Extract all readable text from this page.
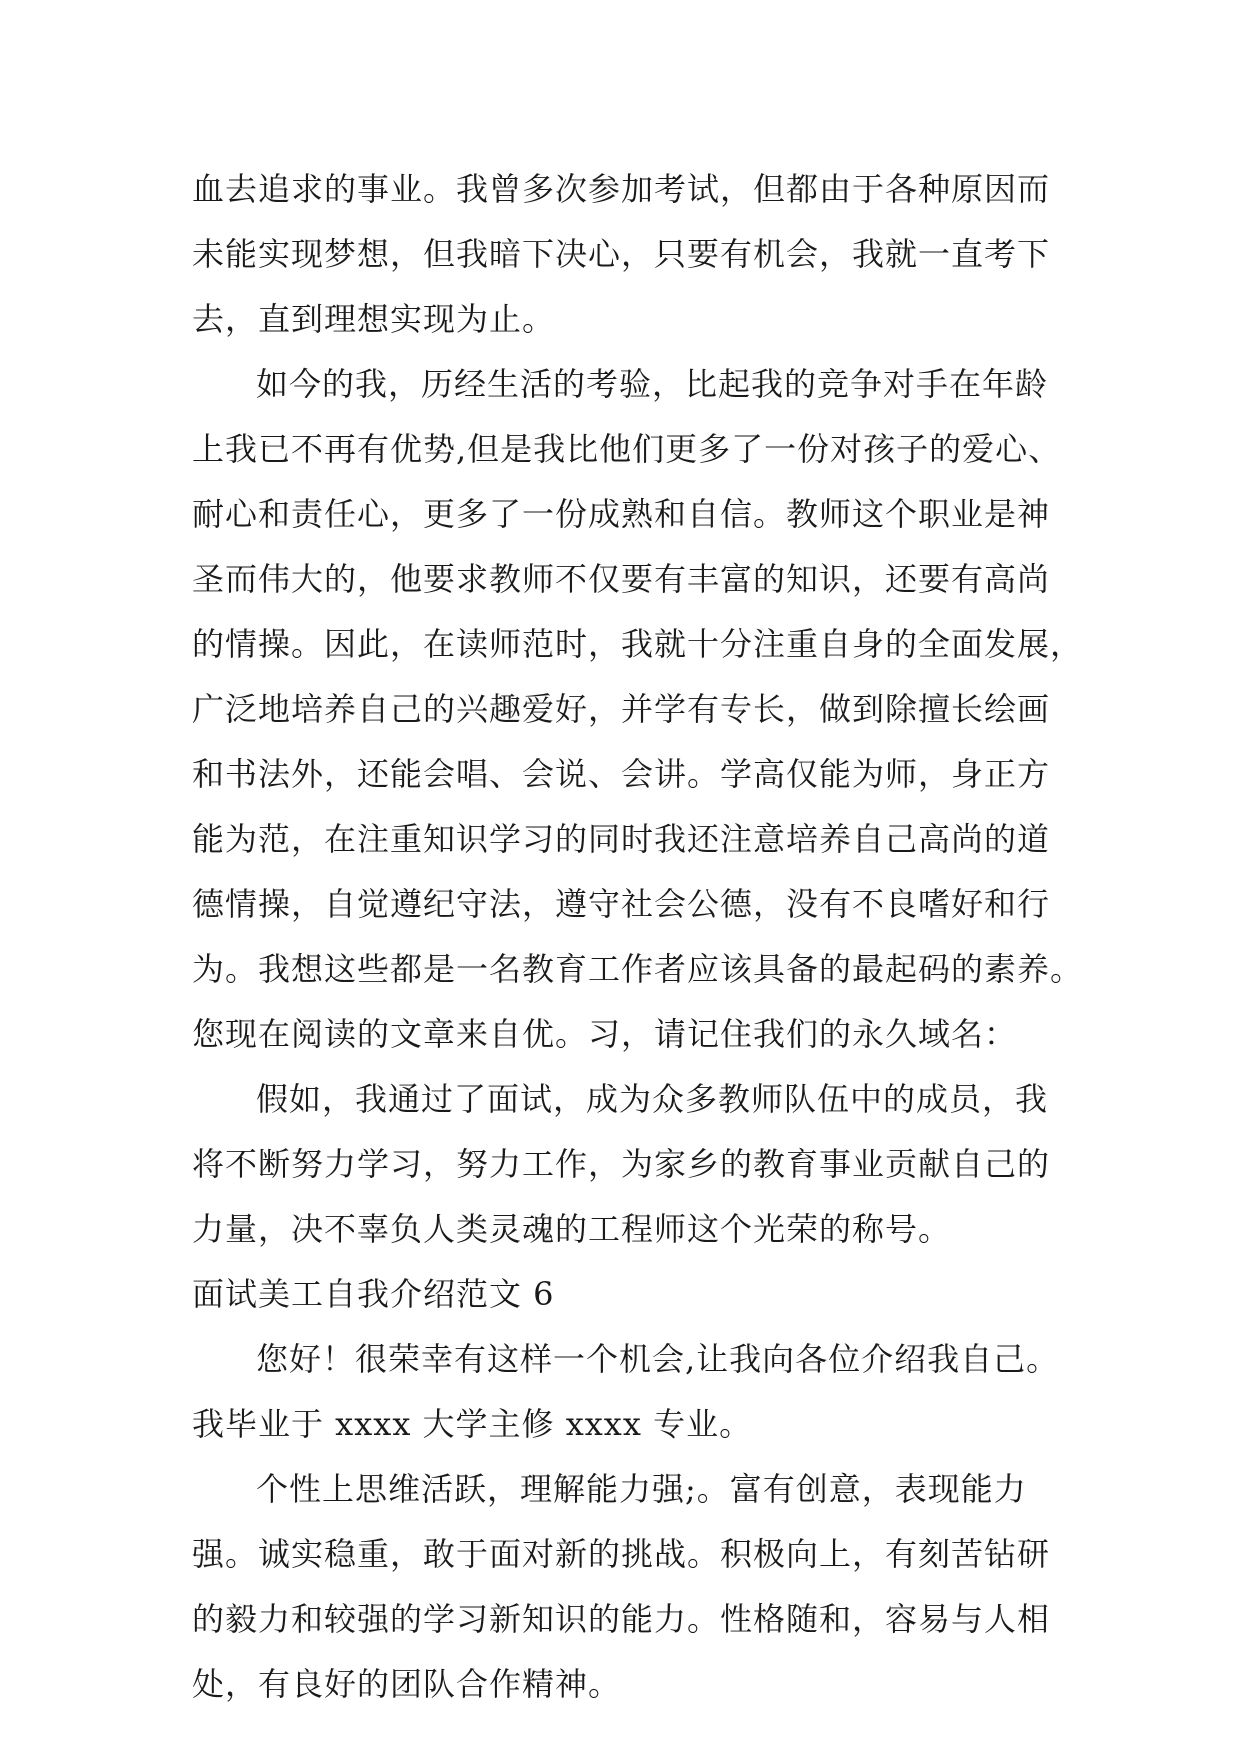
血去追求的事业。我曾多次参加考试，但都由于各种原因而
未能实现梦想，但我暗下决心，只要有机会，我就一直考下
去，直到理想实现为止。
如今的我，历经生活的考验，比起我的竞争对手在年龄
上我已不再有优势,但是我比他们更多了一份对孩子的爱心、
耐心和责任心，更多了一份成熟和自信。教师这个职业是神
圣而伟大的，他要求教师不仅要有丰富的知识，还要有高尚
的情操。因此，在读师范时，我就十分注重自身的全面发展，
广泛地培养自己的兴趣爱好，并学有专长，做到除擅长绘画
和书法外，还能会唱、会说、会讲。学高仅能为师，身正方
能为范，在注重知识学习的同时我还注意培养自己高尚的道
德情操，自觉遵纪守法，遵守社会公德，没有不良嗜好和行
为。我想这些都是一名教育工作者应该具备的最起码的素养。
您现在阅读的文章来自优。习，请记住我们的永久域名：
假如，我通过了面试，成为众多教师队伍中的成员，我
将不断努力学习，努力工作，为家乡的教育事业贡献自己的
力量，决不辜负人类灵魂的工程师这个光荣的称号。
面试美工自我介绍范文 6
您好！很荣幸有这样一个机会,让我向各位介绍我自己。
我毕业于 xxxx 大学主修 xxxx 专业。
个性上思维活跃，理解能力强;。富有创意，表现能力
强。诚实稳重，敢于面对新的挑战。积极向上，有刻苦钻研
的毅力和较强的学习新知识的能力。性格随和，容易与人相
处，有良好的团队合作精神。
